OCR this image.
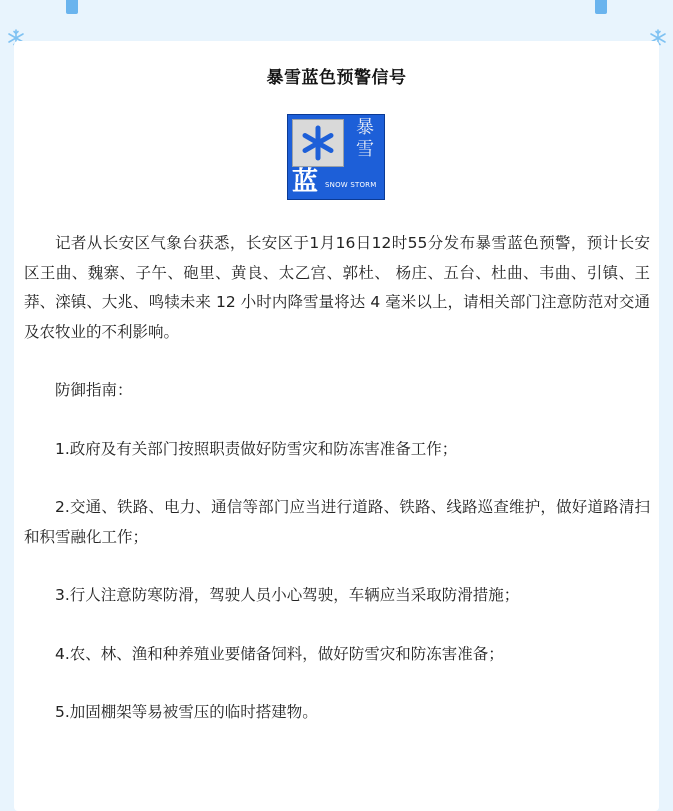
暴雪蓝色预警信号
暴雪
蓝 SNOW STORM

记者从长安区气象台获悉，长安区于1月16日12时55分发布暴雪蓝色预警，预计长安区王曲、魏寨、子午、砲里、黄良、太乙宫、郭杜、 杨庄、五台、杜曲、韦曲、引镇、王莽、滦镇、大兆、鸣犊未来 12 小时内降雪量将达 4 毫米以上，请相关部门注意防范对交通及农牧业的不利影响。

防御指南：

1.政府及有关部门按照职责做好防雪灾和防冻害准备工作；

2.交通、铁路、电力、通信等部门应当进行道路、铁路、线路巡查维护，做好道路清扫和积雪融化工作；

3.行人注意防寒防滑，驾驶人员小心驾驶，车辆应当采取防滑措施；

4.农、林、渔和种养殖业要储备饲料，做好防雪灾和防冻害准备；

5.加固棚架等易被雪压的临时搭建物。
